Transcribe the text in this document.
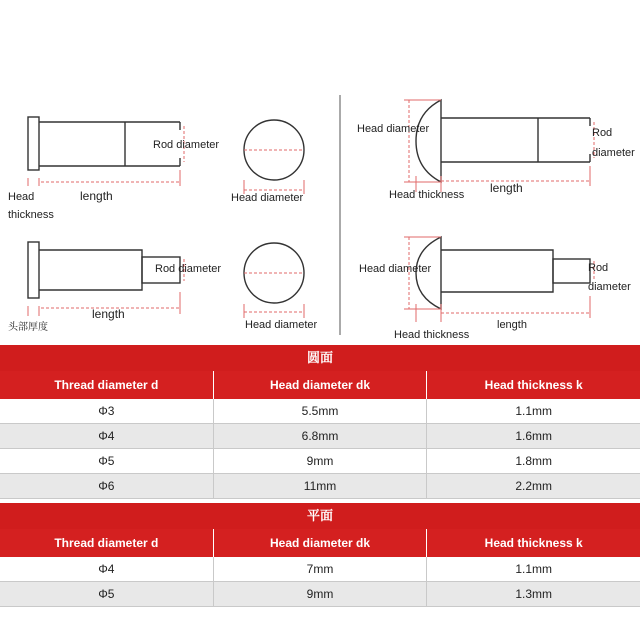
Rod diameter
length
Head
thickness
Head diameter
Rod diameter
length
头部厚度	Head diameter
Head diameter	Rod
diameter
length
Head thickness
Head diameter	Rod
diameter
length
Head thickness
圆面
Thread diameter d	Head diameter dk	Head thickness k
Φ3	5.5mm	1.1mm
Φ4	6.8mm	1.6mm
Φ5	9mm	1.8mm
Φ6	11mm	2.2mm
平面
Thread diameter d	Head diameter dk	Head thickness k
Φ4	7mm	1.1mm
Φ5	9mm	1.3mm
